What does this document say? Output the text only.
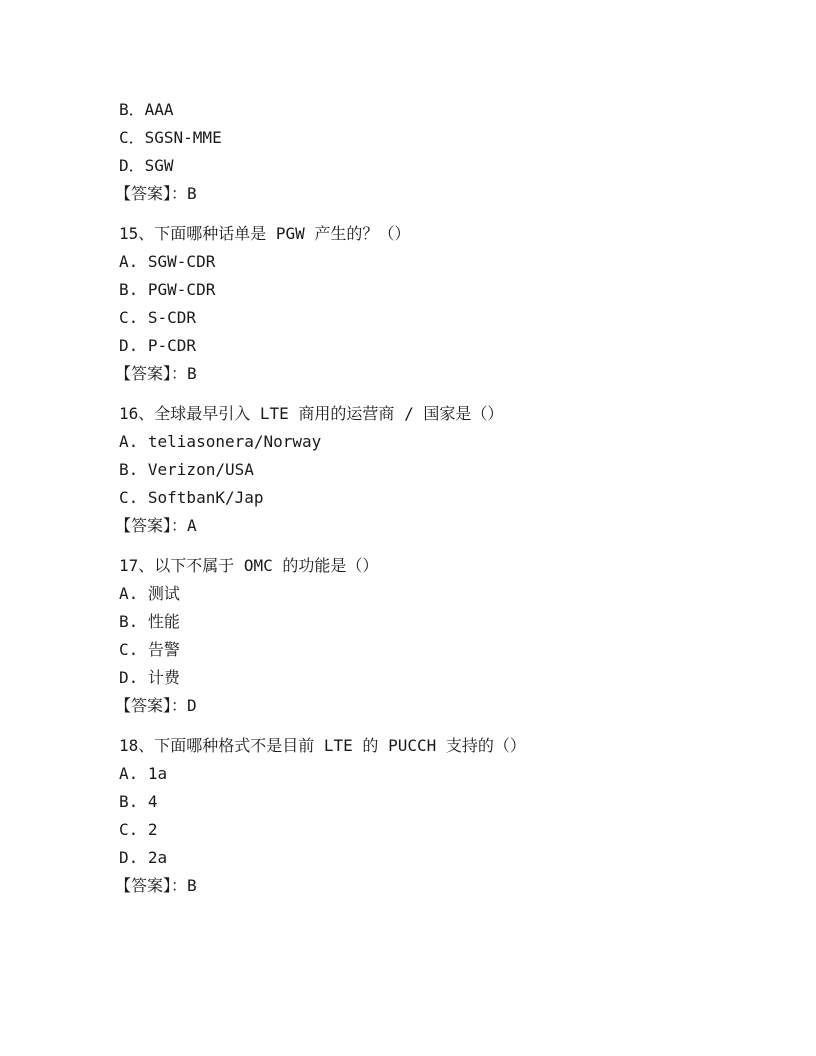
B．AAA
C．SGSN-MME
D．SGW
【答案】：B
15、下面哪种话单是 PGW 产生的？（）
A. SGW-CDR
B. PGW-CDR
C. S-CDR
D. P-CDR
【答案】：B
16、全球最早引入 LTE 商用的运营商 / 国家是（）
A. teliasonera/Norway
B. Verizon/USA
C. SoftbanK/Jap
【答案】：A
17、以下不属于 OMC 的功能是（）
A. 测试
B. 性能
C. 告警
D. 计费
【答案】：D
18、下面哪种格式不是目前 LTE 的 PUCCH 支持的（）
A. 1a
B. 4
C. 2
D. 2a
【答案】：B
